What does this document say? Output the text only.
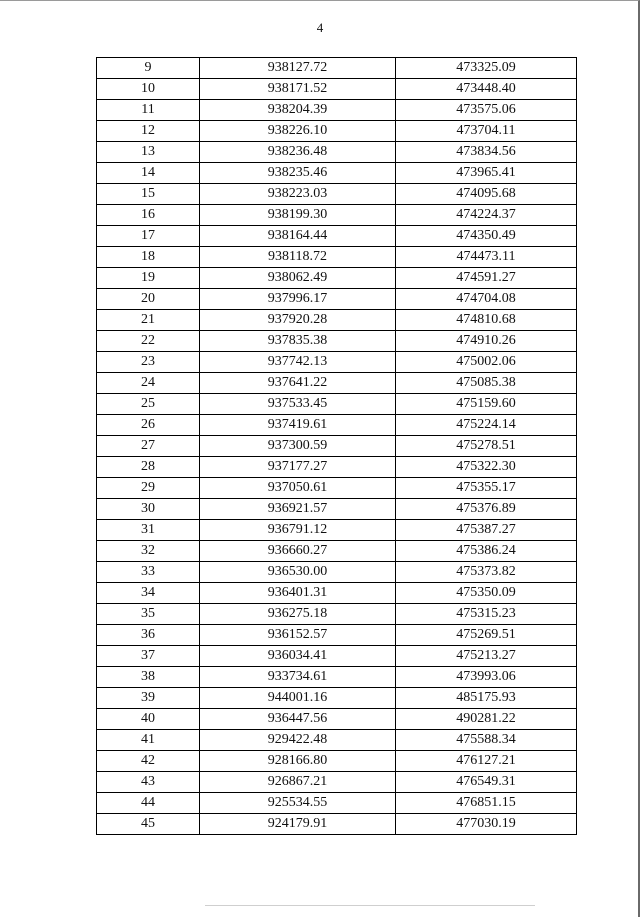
4
9	938127.72	473325.09
10	938171.52	473448.40
11	938204.39	473575.06
12	938226.10	473704.11
13	938236.48	473834.56
14	938235.46	473965.41
15	938223.03	474095.68
16	938199.30	474224.37
17	938164.44	474350.49
18	938118.72	474473.11
19	938062.49	474591.27
20	937996.17	474704.08
21	937920.28	474810.68
22	937835.38	474910.26
23	937742.13	475002.06
24	937641.22	475085.38
25	937533.45	475159.60
26	937419.61	475224.14
27	937300.59	475278.51
28	937177.27	475322.30
29	937050.61	475355.17
30	936921.57	475376.89
31	936791.12	475387.27
32	936660.27	475386.24
33	936530.00	475373.82
34	936401.31	475350.09
35	936275.18	475315.23
36	936152.57	475269.51
37	936034.41	475213.27
38	933734.61	473993.06
39	944001.16	485175.93
40	936447.56	490281.22
41	929422.48	475588.34
42	928166.80	476127.21
43	926867.21	476549.31
44	925534.55	476851.15
45	924179.91	477030.19
